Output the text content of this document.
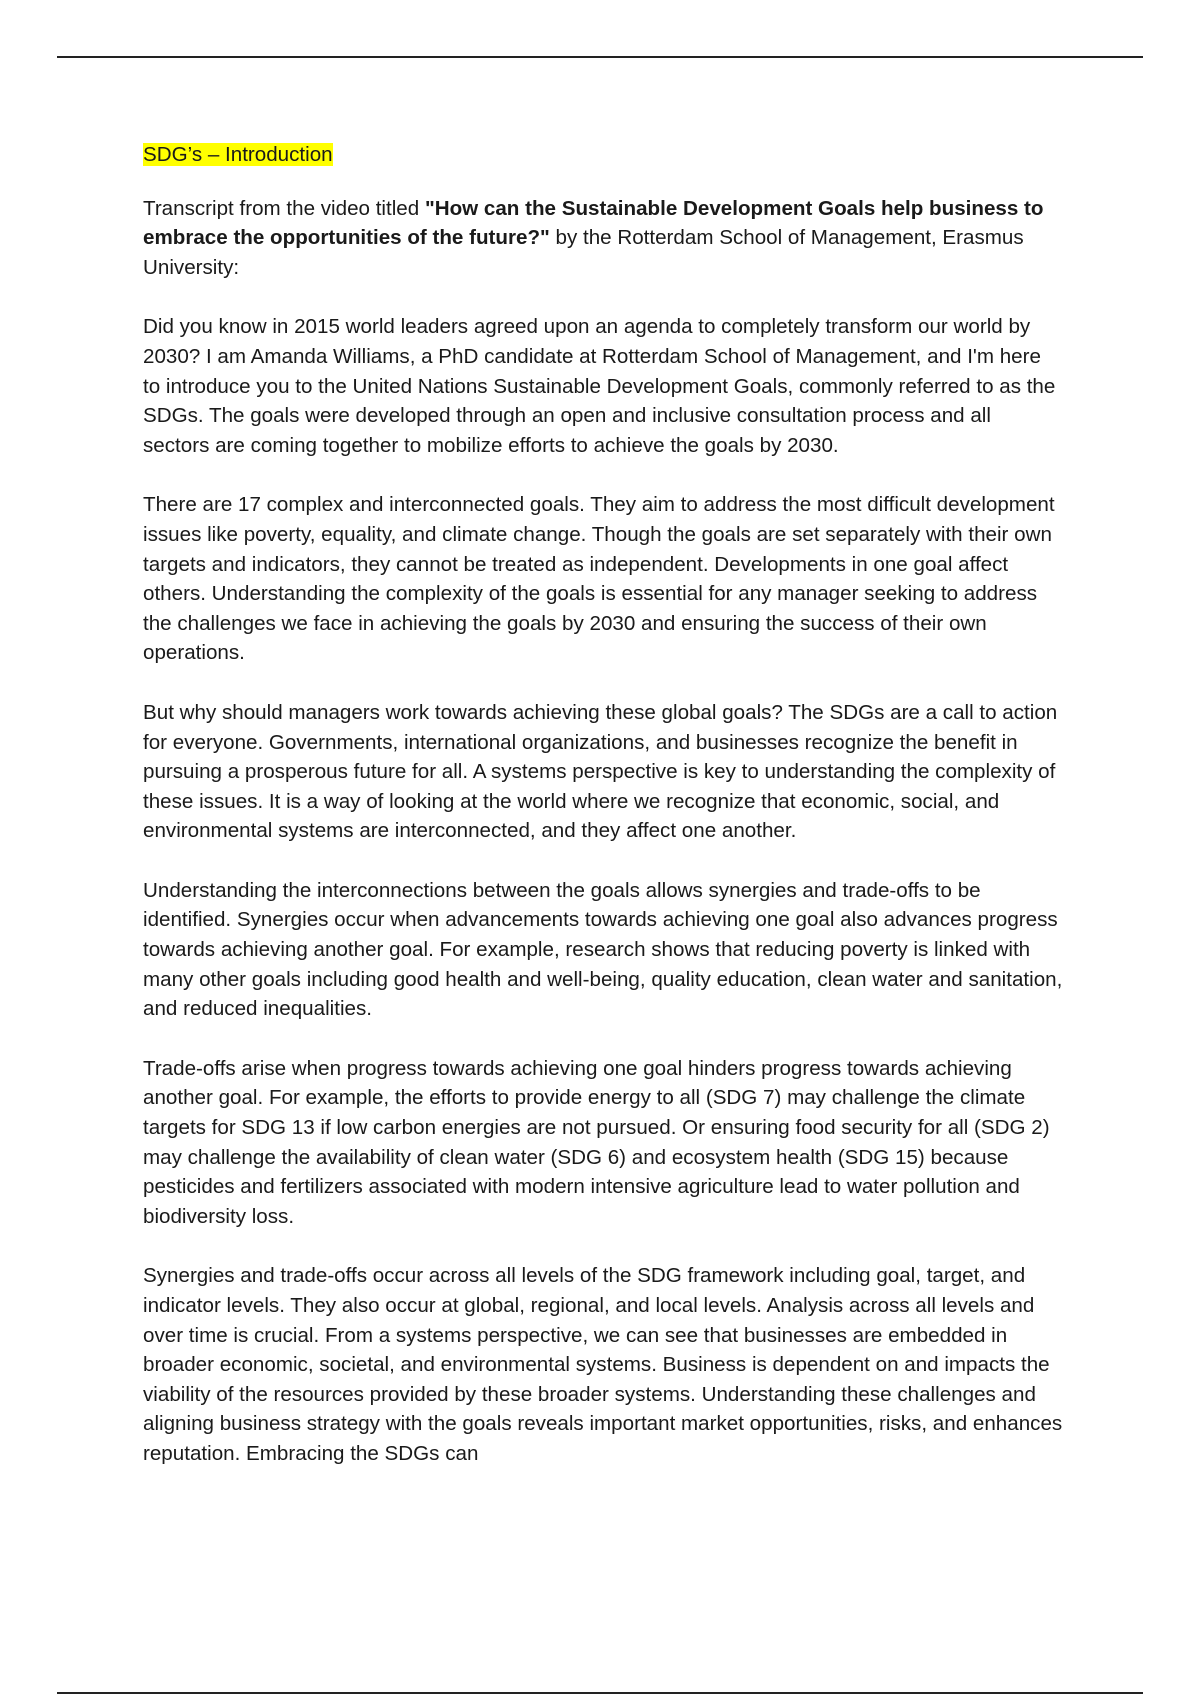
SDG’s – Introduction

Transcript from the video titled "How can the Sustainable Development Goals help business to embrace the opportunities of the future?" by the Rotterdam School of Management, Erasmus University:

Did you know in 2015 world leaders agreed upon an agenda to completely transform our world by 2030? I am Amanda Williams, a PhD candidate at Rotterdam School of Management, and I'm here to introduce you to the United Nations Sustainable Development Goals, commonly referred to as the SDGs. The goals were developed through an open and inclusive consultation process and all sectors are coming together to mobilize efforts to achieve the goals by 2030.

There are 17 complex and interconnected goals. They aim to address the most difficult development issues like poverty, equality, and climate change. Though the goals are set separately with their own targets and indicators, they cannot be treated as independent. Developments in one goal affect others. Understanding the complexity of the goals is essential for any manager seeking to address the challenges we face in achieving the goals by 2030 and ensuring the success of their own operations.

But why should managers work towards achieving these global goals? The SDGs are a call to action for everyone. Governments, international organizations, and businesses recognize the benefit in pursuing a prosperous future for all. A systems perspective is key to understanding the complexity of these issues. It is a way of looking at the world where we recognize that economic, social, and environmental systems are interconnected, and they affect one another.

Understanding the interconnections between the goals allows synergies and trade-offs to be identified. Synergies occur when advancements towards achieving one goal also advances progress towards achieving another goal. For example, research shows that reducing poverty is linked with many other goals including good health and well-being, quality education, clean water and sanitation, and reduced inequalities.

Trade-offs arise when progress towards achieving one goal hinders progress towards achieving another goal. For example, the efforts to provide energy to all (SDG 7) may challenge the climate targets for SDG 13 if low carbon energies are not pursued. Or ensuring food security for all (SDG 2) may challenge the availability of clean water (SDG 6) and ecosystem health (SDG 15) because pesticides and fertilizers associated with modern intensive agriculture lead to water pollution and biodiversity loss.

Synergies and trade-offs occur across all levels of the SDG framework including goal, target, and indicator levels. They also occur at global, regional, and local levels. Analysis across all levels and over time is crucial. From a systems perspective, we can see that businesses are embedded in broader economic, societal, and environmental systems. Business is dependent on and impacts the viability of the resources provided by these broader systems. Understanding these challenges and aligning business strategy with the goals reveals important market opportunities, risks, and enhances reputation. Embracing the SDGs can
